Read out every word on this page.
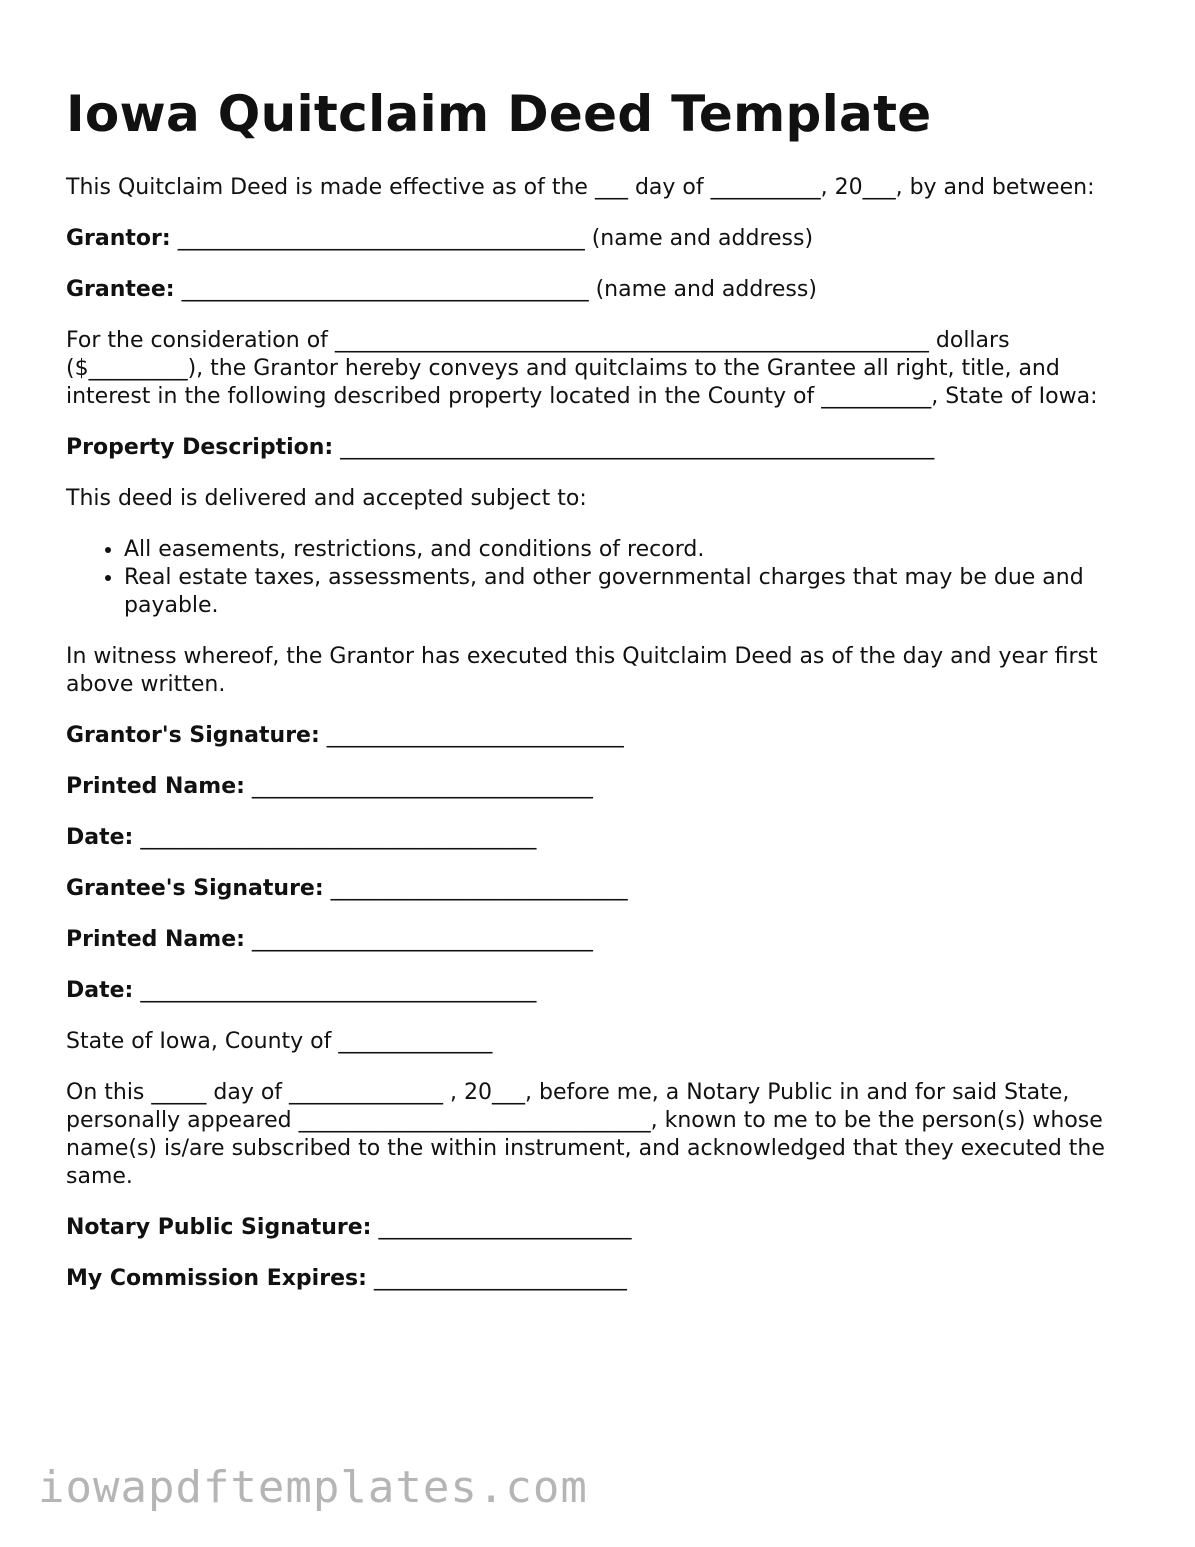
Iowa Quitclaim Deed Template

This Quitclaim Deed is made effective as of the ___ day of __________, 20___, by and between:

Grantor: _____________________________________ (name and address)

Grantee: _____________________________________ (name and address)

For the consideration of ______________________________________________________ dollars ($_________), the Grantor hereby conveys and quitclaims to the Grantee all right, title, and interest in the following described property located in the County of __________, State of Iowa:

Property Description: ______________________________________________________

This deed is delivered and accepted subject to:

• All easements, restrictions, and conditions of record.
• Real estate taxes, assessments, and other governmental charges that may be due and payable.

In witness whereof, the Grantor has executed this Quitclaim Deed as of the day and year first above written.

Grantor's Signature: ___________________________

Printed Name: _______________________________

Date: ____________________________________

Grantee's Signature: ___________________________

Printed Name: _______________________________

Date: ____________________________________

State of Iowa, County of ______________

On this _____ day of ______________ , 20___, before me, a Notary Public in and for said State, personally appeared ________________________________, known to me to be the person(s) whose name(s) is/are subscribed to the within instrument, and acknowledged that they executed the same.

Notary Public Signature: _______________________

My Commission Expires: _______________________

iowapdftemplates.com
